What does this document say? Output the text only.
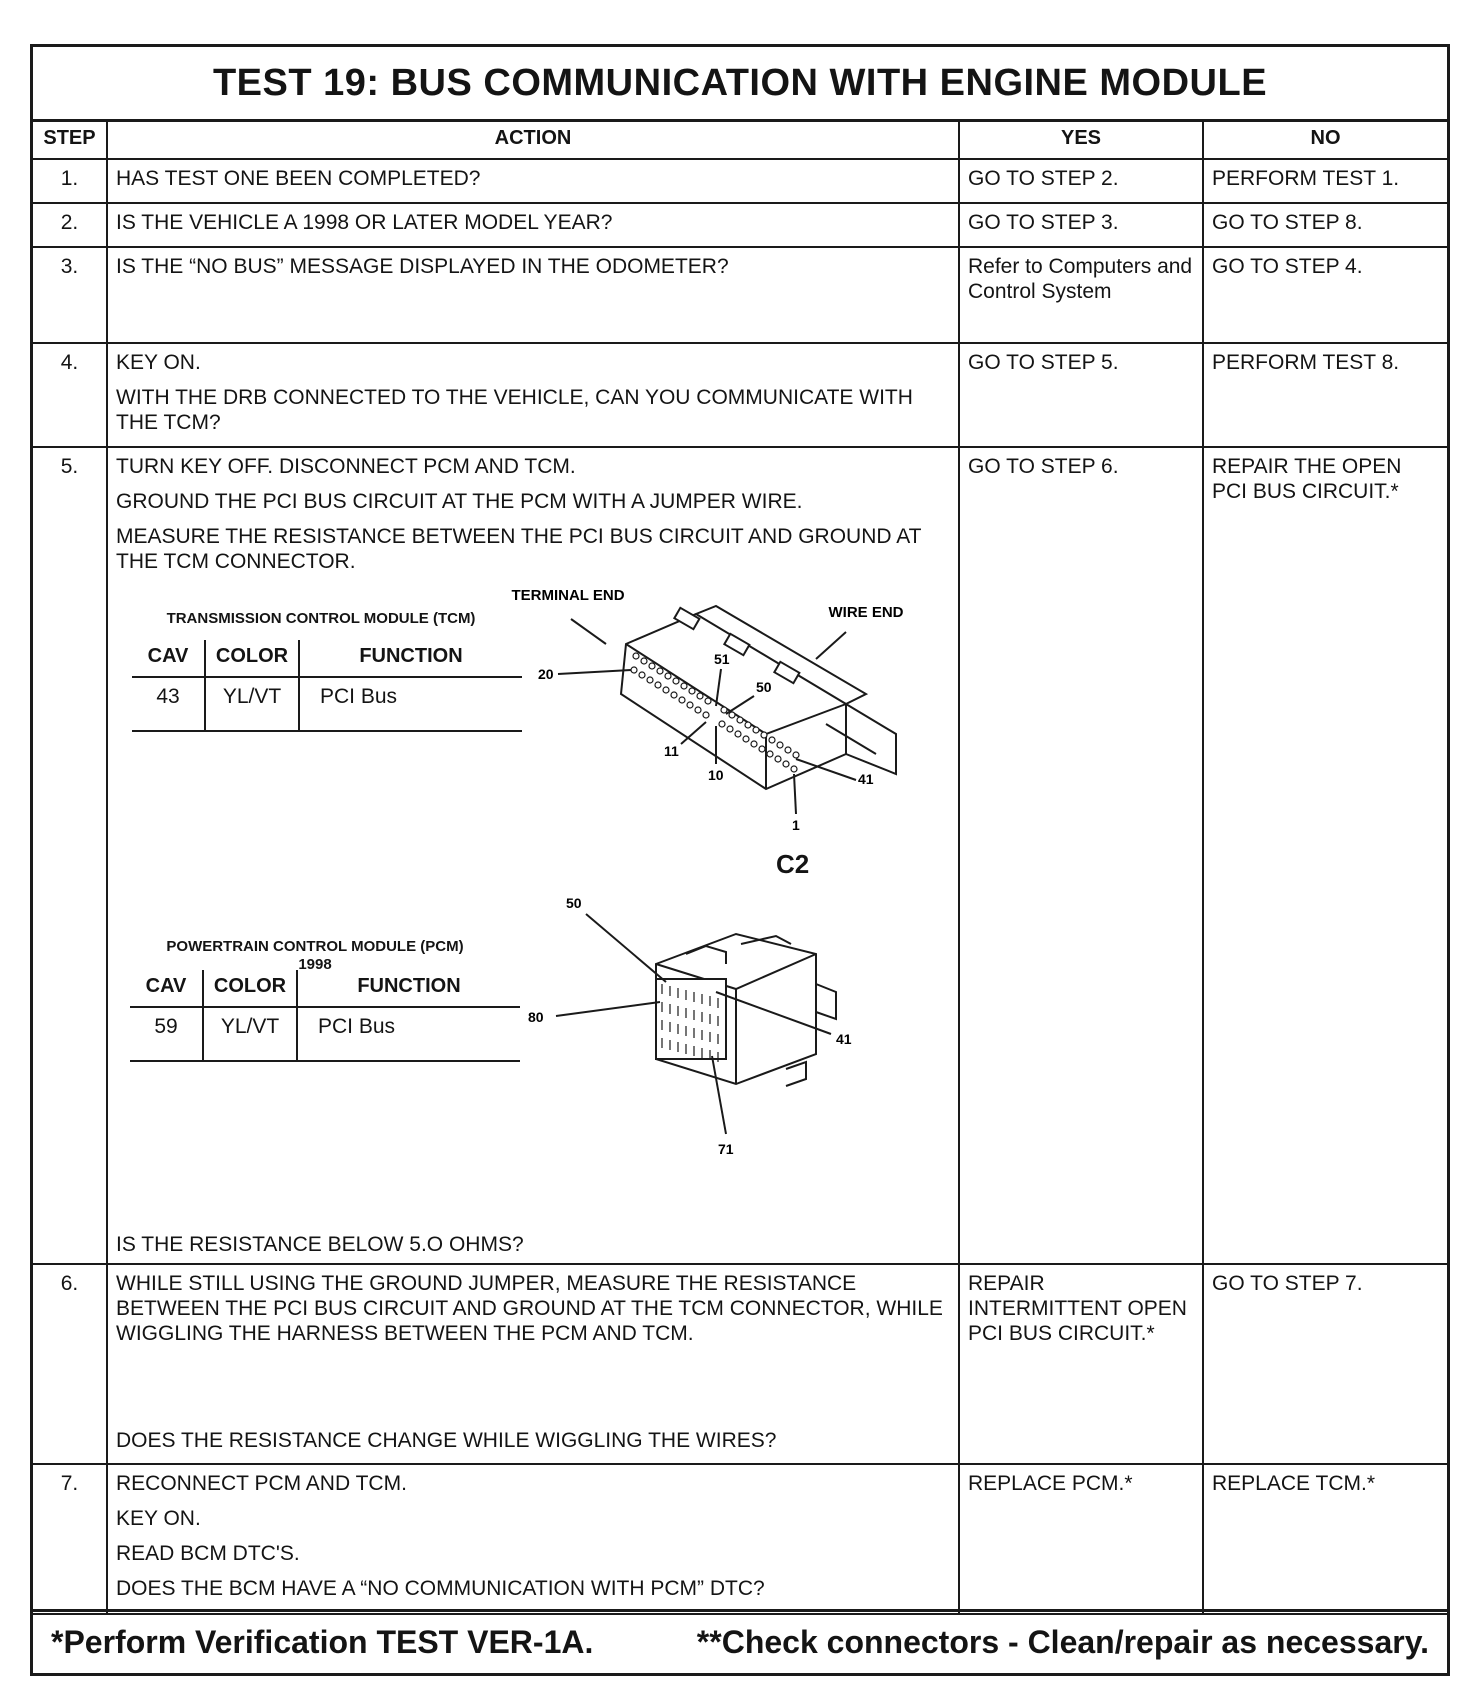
TEST 19: BUS COMMUNICATION WITH ENGINE MODULE
STEP	ACTION	YES	NO
1.	HAS TEST ONE BEEN COMPLETED?	GO TO STEP 2.	PERFORM TEST 1.
2.	IS THE VEHICLE A 1998 OR LATER MODEL YEAR?	GO TO STEP 3.	GO TO STEP 8.
3.	IS THE “NO BUS” MESSAGE DISPLAYED IN THE ODOMETER?	Refer to Computers and Control System	GO TO STEP 4.
4.	KEY ON.
WITH THE DRB CONNECTED TO THE VEHICLE, CAN YOU COMMUNICATE WITH THE TCM?
	GO TO STEP 5.	PERFORM TEST 8.
5.	TURN KEY OFF. DISCONNECT PCM AND TCM.
GROUND THE PCI BUS CIRCUIT AT THE PCM WITH A JUMPER WIRE.
MEASURE THE RESISTANCE BETWEEN THE PCI BUS CIRCUIT AND GROUND AT THE TCM CONNECTOR.
TRANSMISSION CONTROL MODULE (TCM)
CAV	COLOR	FUNCTION
43	YL/VT	PCI Bus
TERMINAL END
WIRE END
20
51
50
11
10	41
1
C2
POWERTRAIN CONTROL MODULE (PCM)
1998
CAV	COLOR	FUNCTION
59	YL/VT	PCI Bus
50
80
41
71
IS THE RESISTANCE BELOW 5.O OHMS?
	GO TO STEP 6.	REPAIR THE OPEN PCI BUS CIRCUIT.*
6.	WHILE STILL USING THE GROUND JUMPER, MEASURE THE RESISTANCE BETWEEN THE PCI BUS CIRCUIT AND GROUND AT THE TCM CONNECTOR, WHILE WIGGLING THE HARNESS BETWEEN THE PCM AND TCM.
DOES THE RESISTANCE CHANGE WHILE WIGGLING THE WIRES?
	REPAIR INTERMITTENT OPEN PCI BUS CIRCUIT.*	GO TO STEP 7.
7.	RECONNECT PCM AND TCM.
KEY ON.
READ BCM DTC'S.
DOES THE BCM HAVE A “NO COMMUNICATION WITH PCM” DTC?
	REPLACE PCM.*	REPLACE TCM.*
*Perform Verification TEST VER-1A.	**Check connectors - Clean/repair as necessary.
